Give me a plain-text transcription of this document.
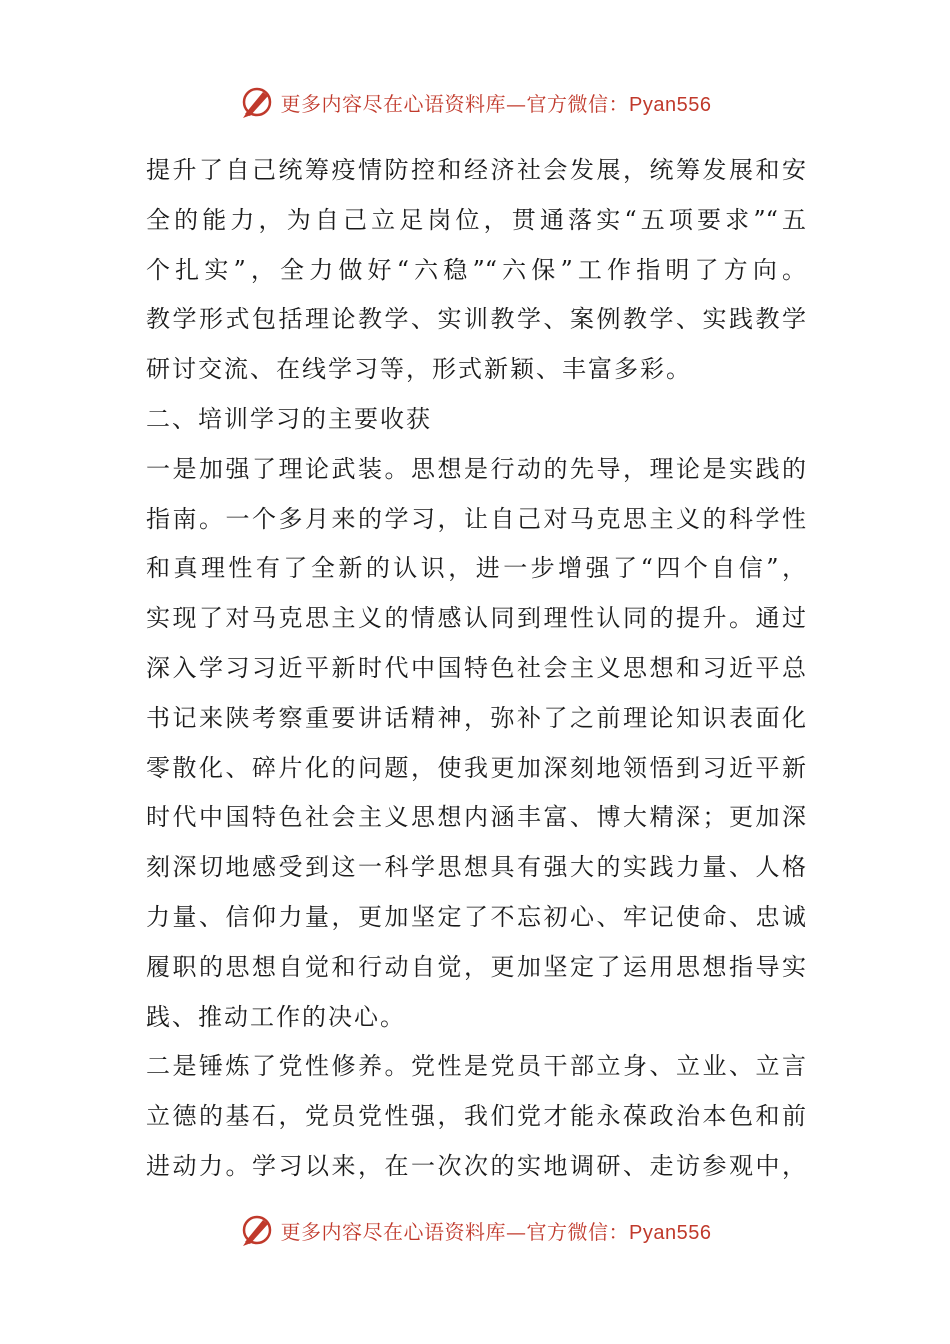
更多内容尽在心语资料库—官方微信：Pyan556
提升了自己统筹疫情防控和经济社会发展，统筹发展和安
全的能力，为自己立足岗位，贯通落实“五项要求”“五
个扎实”，全力做好“六稳”“六保”工作指明了方向。
教学形式包括理论教学、实训教学、案例教学、实践教学
研讨交流、在线学习等，形式新颖、丰富多彩。
二、培训学习的主要收获
一是加强了理论武装。思想是行动的先导，理论是实践的
指南。一个多月来的学习，让自己对马克思主义的科学性
和真理性有了全新的认识，进一步增强了“四个自信”，
实现了对马克思主义的情感认同到理性认同的提升。通过
深入学习习近平新时代中国特色社会主义思想和习近平总
书记来陕考察重要讲话精神，弥补了之前理论知识表面化
零散化、碎片化的问题，使我更加深刻地领悟到习近平新
时代中国特色社会主义思想内涵丰富、博大精深；更加深
刻深切地感受到这一科学思想具有强大的实践力量、人格
力量、信仰力量，更加坚定了不忘初心、牢记使命、忠诚
履职的思想自觉和行动自觉，更加坚定了运用思想指导实
践、推动工作的决心。
二是锤炼了党性修养。党性是党员干部立身、立业、立言
立德的基石，党员党性强，我们党才能永葆政治本色和前
进动力。学习以来，在一次次的实地调研、走访参观中，
更多内容尽在心语资料库—官方微信：Pyan556
